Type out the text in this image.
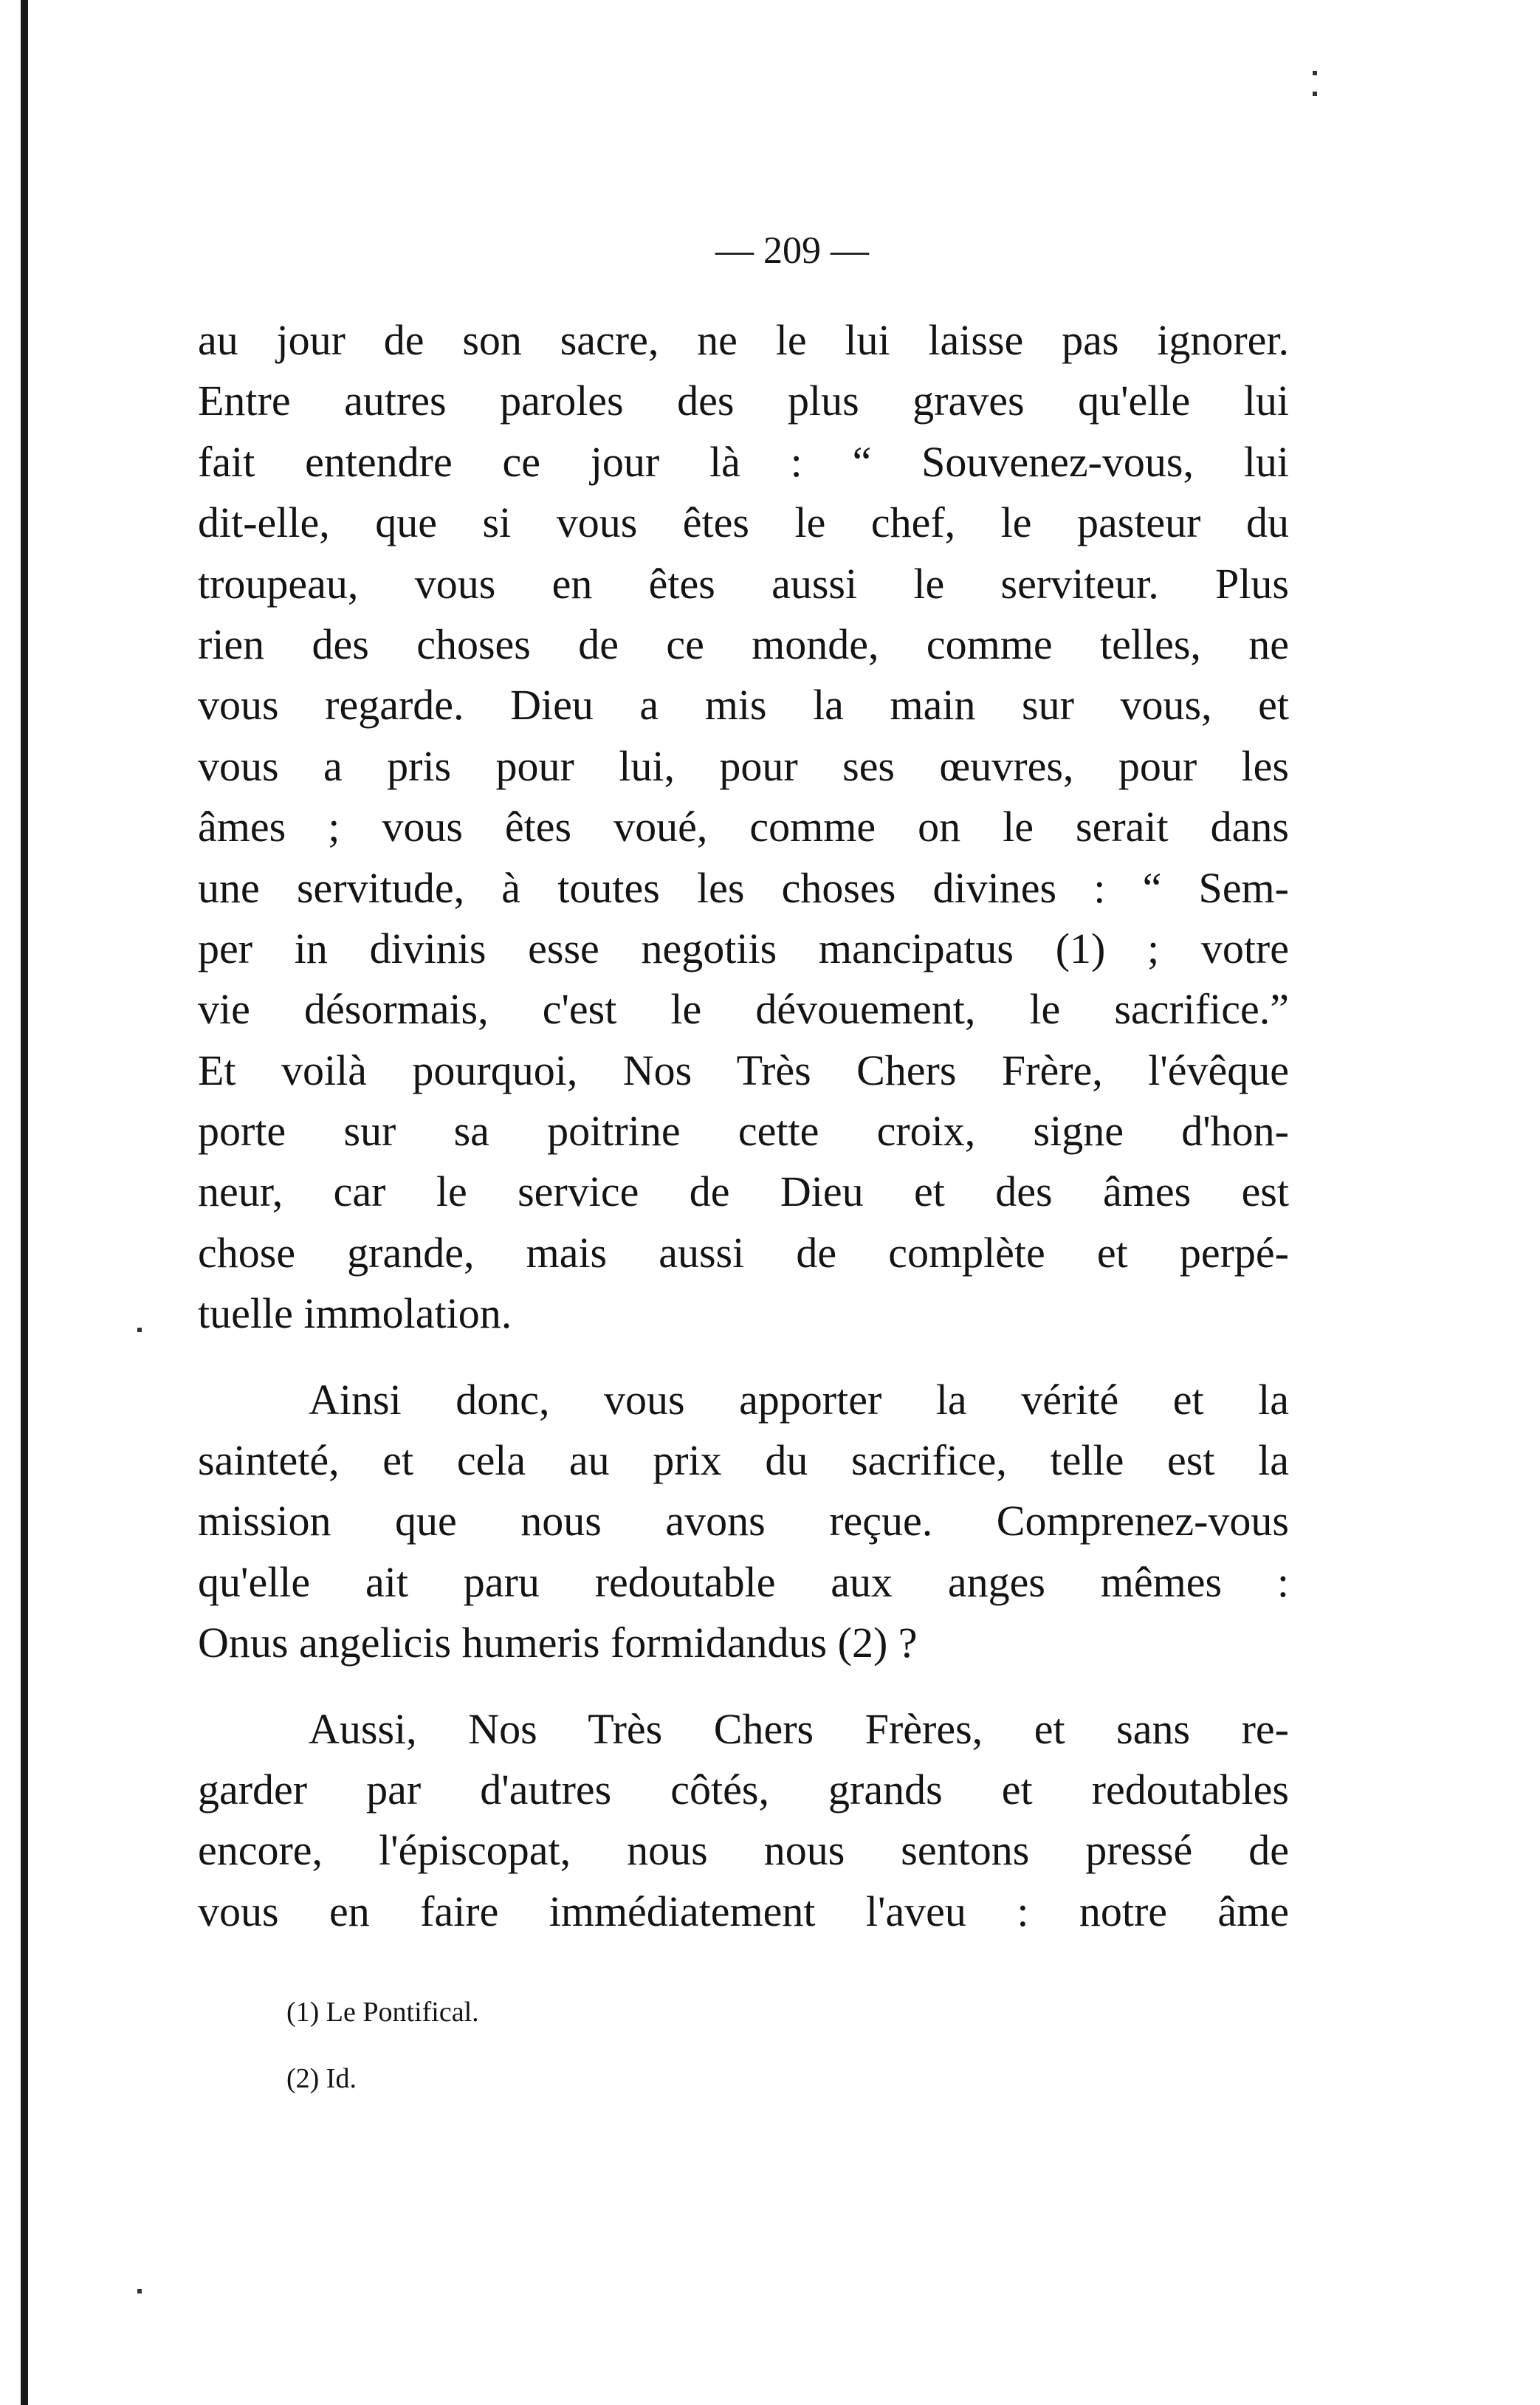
— 209 —
au jour de son sacre, ne le lui laisse pas ignorer.
Entre autres paroles des plus graves qu'elle lui
fait entendre ce jour là : “ Souvenez-vous, lui
dit-elle, que si vous êtes le chef, le pasteur du
troupeau, vous en êtes aussi le serviteur. Plus
rien des choses de ce monde, comme telles, ne
vous regarde. Dieu a mis la main sur vous, et
vous a pris pour lui, pour ses œuvres, pour les
âmes ; vous êtes voué, comme on le serait dans
une servitude, à toutes les choses divines : “ Sem-
per in divinis esse negotiis mancipatus (1) ; votre
vie désormais, c'est le dévouement, le sacrifice.”
Et voilà pourquoi, Nos Très Chers Frère, l'évêque
porte sur sa poitrine cette croix, signe d'hon-
neur, car le service de Dieu et des âmes est
chose grande, mais aussi de complète et perpé-
tuelle immolation.
Ainsi donc, vous apporter la vérité et la
sainteté, et cela au prix du sacrifice, telle est la
mission que nous avons reçue. Comprenez-vous
qu'elle ait paru redoutable aux anges mêmes :
Onus angelicis humeris formidandus (2) ?
Aussi, Nos Très Chers Frères, et sans re-
garder par d'autres côtés, grands et redoutables
encore, l'épiscopat, nous nous sentons pressé de
vous en faire immédiatement l'aveu : notre âme
(1) Le Pontifical.
(2) Id.
